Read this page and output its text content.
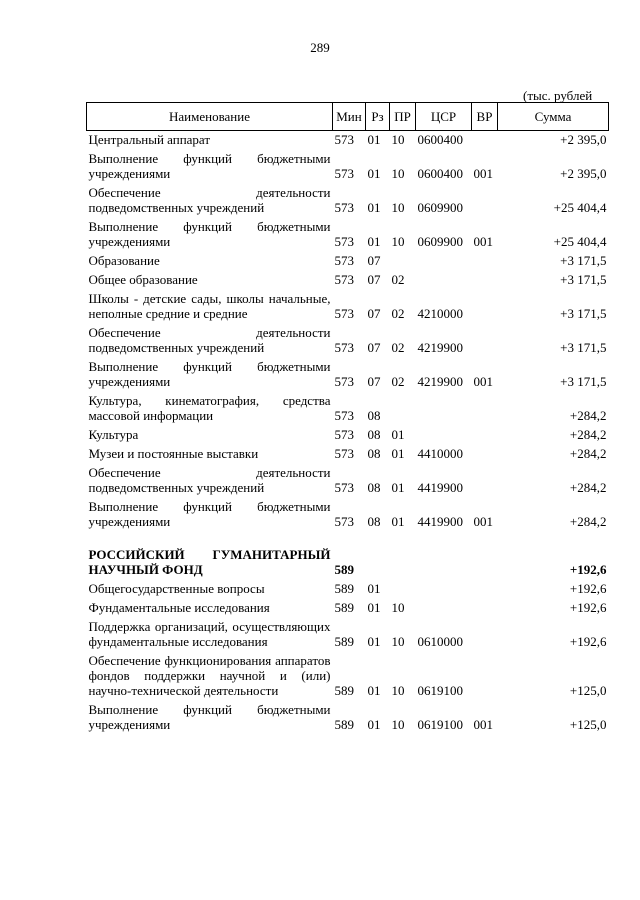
289
(тыс. рублей
Наименование	Мин	Рз	ПР	ЦСР	ВР	Сумма
Центральный аппарат	573	01	10	0600400		+2 395,0
Выполнение функций бюджетными учреждениями	573	01	10	0600400	001	+2 395,0
Обеспечение деятельности подведомственных учреждений	573	01	10	0609900		+25 404,4
Выполнение функций бюджетными учреждениями	573	01	10	0609900	001	+25 404,4
Образование	573	07				+3 171,5
Общее образование	573	07	02			+3 171,5
Школы - детские сады, школы начальные, неполные средние и средние	573	07	02	4210000		+3 171,5
Обеспечение деятельности подведомственных учреждений	573	07	02	4219900		+3 171,5
Выполнение функций бюджетными учреждениями	573	07	02	4219900	001	+3 171,5
Культура, кинематография, средства массовой информации	573	08				+284,2
Культура	573	08	01			+284,2
Музеи и постоянные выставки	573	08	01	4410000		+284,2
Обеспечение деятельности подведомственных учреждений	573	08	01	4419900		+284,2
Выполнение функций бюджетными учреждениями	573	08	01	4419900	001	+284,2

РОССИЙСКИЙ ГУМАНИТАРНЫЙ НАУЧНЫЙ ФОНД	589					+192,6
Общегосударственные вопросы	589	01				+192,6
Фундаментальные исследования	589	01	10			+192,6
Поддержка организаций, осуществляющих фундаментальные исследования	589	01	10	0610000		+192,6
Обеспечение функционирования аппаратов фондов поддержки научной и (или) научно-технической деятельности	589	01	10	0619100		+125,0
Выполнение функций бюджетными учреждениями	589	01	10	0619100	001	+125,0
